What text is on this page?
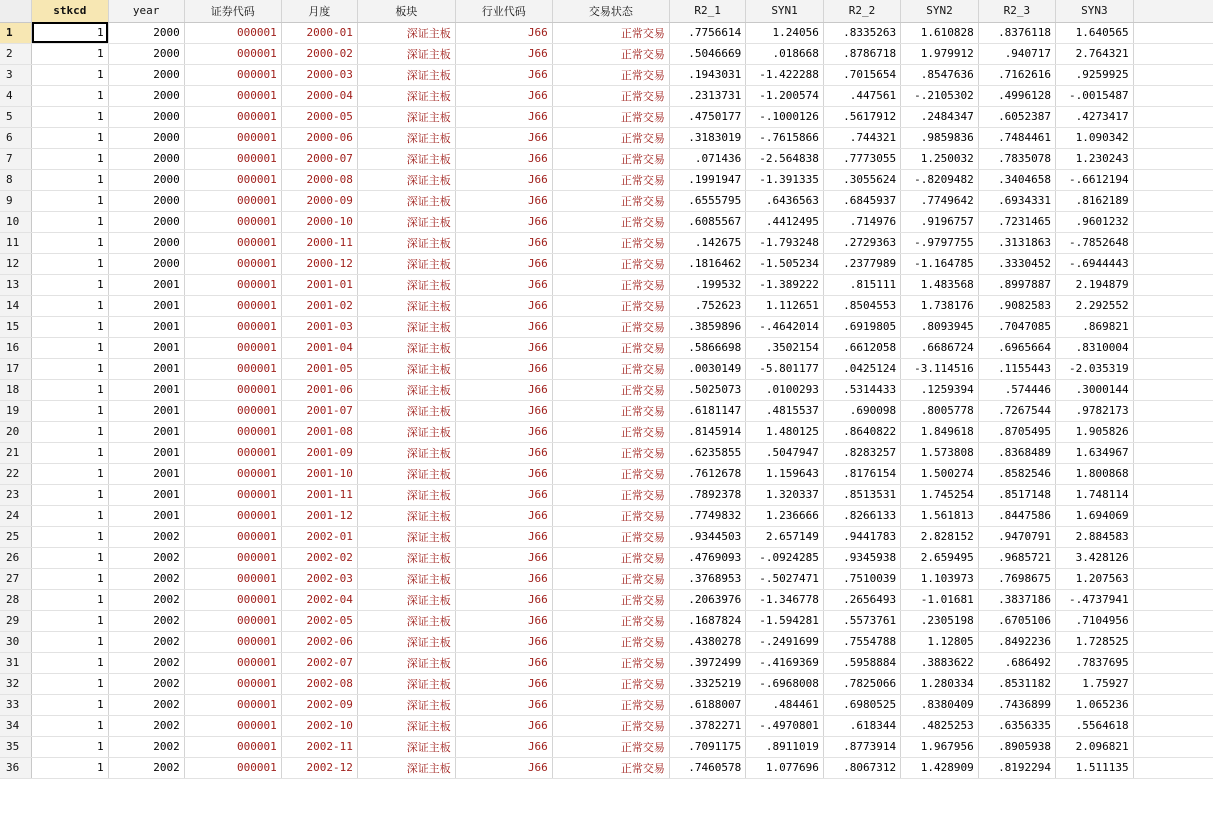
	stkcd	year	证券代码	月度	板块	行业代码	交易状态	R2_1	SYN1	R2_2	SYN2	R2_3	SYN3	
1	1	2000	000001	2000-01	深证主板	J66	正常交易	.7756614	1.24056	.8335263	1.610828	.8376118	1.640565	
2	1	2000	000001	2000-02	深证主板	J66	正常交易	.5046669	.018668	.8786718	1.979912	.940717	2.764321	
3	1	2000	000001	2000-03	深证主板	J66	正常交易	.1943031	-1.422288	.7015654	.8547636	.7162616	.9259925	
4	1	2000	000001	2000-04	深证主板	J66	正常交易	.2313731	-1.200574	.447561	-.2105302	.4996128	-.0015487	
5	1	2000	000001	2000-05	深证主板	J66	正常交易	.4750177	-.1000126	.5617912	.2484347	.6052387	.4273417	
6	1	2000	000001	2000-06	深证主板	J66	正常交易	.3183019	-.7615866	.744321	.9859836	.7484461	1.090342	
7	1	2000	000001	2000-07	深证主板	J66	正常交易	.071436	-2.564838	.7773055	1.250032	.7835078	1.230243	
8	1	2000	000001	2000-08	深证主板	J66	正常交易	.1991947	-1.391335	.3055624	-.8209482	.3404658	-.6612194	
9	1	2000	000001	2000-09	深证主板	J66	正常交易	.6555795	.6436563	.6845937	.7749642	.6934331	.8162189	
10	1	2000	000001	2000-10	深证主板	J66	正常交易	.6085567	.4412495	.714976	.9196757	.7231465	.9601232	
11	1	2000	000001	2000-11	深证主板	J66	正常交易	.142675	-1.793248	.2729363	-.9797755	.3131863	-.7852648	
12	1	2000	000001	2000-12	深证主板	J66	正常交易	.1816462	-1.505234	.2377989	-1.164785	.3330452	-.6944443	
13	1	2001	000001	2001-01	深证主板	J66	正常交易	.199532	-1.389222	.815111	1.483568	.8997887	2.194879	
14	1	2001	000001	2001-02	深证主板	J66	正常交易	.752623	1.112651	.8504553	1.738176	.9082583	2.292552	
15	1	2001	000001	2001-03	深证主板	J66	正常交易	.3859896	-.4642014	.6919805	.8093945	.7047085	.869821	
16	1	2001	000001	2001-04	深证主板	J66	正常交易	.5866698	.3502154	.6612058	.6686724	.6965664	.8310004	
17	1	2001	000001	2001-05	深证主板	J66	正常交易	.0030149	-5.801177	.0425124	-3.114516	.1155443	-2.035319	
18	1	2001	000001	2001-06	深证主板	J66	正常交易	.5025073	.0100293	.5314433	.1259394	.574446	.3000144	
19	1	2001	000001	2001-07	深证主板	J66	正常交易	.6181147	.4815537	.690098	.8005778	.7267544	.9782173	
20	1	2001	000001	2001-08	深证主板	J66	正常交易	.8145914	1.480125	.8640822	1.849618	.8705495	1.905826	
21	1	2001	000001	2001-09	深证主板	J66	正常交易	.6235855	.5047947	.8283257	1.573808	.8368489	1.634967	
22	1	2001	000001	2001-10	深证主板	J66	正常交易	.7612678	1.159643	.8176154	1.500274	.8582546	1.800868	
23	1	2001	000001	2001-11	深证主板	J66	正常交易	.7892378	1.320337	.8513531	1.745254	.8517148	1.748114	
24	1	2001	000001	2001-12	深证主板	J66	正常交易	.7749832	1.236666	.8266133	1.561813	.8447586	1.694069	
25	1	2002	000001	2002-01	深证主板	J66	正常交易	.9344503	2.657149	.9441783	2.828152	.9470791	2.884583	
26	1	2002	000001	2002-02	深证主板	J66	正常交易	.4769093	-.0924285	.9345938	2.659495	.9685721	3.428126	
27	1	2002	000001	2002-03	深证主板	J66	正常交易	.3768953	-.5027471	.7510039	1.103973	.7698675	1.207563	
28	1	2002	000001	2002-04	深证主板	J66	正常交易	.2063976	-1.346778	.2656493	-1.01681	.3837186	-.4737941	
29	1	2002	000001	2002-05	深证主板	J66	正常交易	.1687824	-1.594281	.5573761	.2305198	.6705106	.7104956	
30	1	2002	000001	2002-06	深证主板	J66	正常交易	.4380278	-.2491699	.7554788	1.12805	.8492236	1.728525	
31	1	2002	000001	2002-07	深证主板	J66	正常交易	.3972499	-.4169369	.5958884	.3883622	.686492	.7837695	
32	1	2002	000001	2002-08	深证主板	J66	正常交易	.3325219	-.6968008	.7825066	1.280334	.8531182	1.75927	
33	1	2002	000001	2002-09	深证主板	J66	正常交易	.6188007	.484461	.6980525	.8380409	.7436899	1.065236	
34	1	2002	000001	2002-10	深证主板	J66	正常交易	.3782271	-.4970801	.618344	.4825253	.6356335	.5564618	
35	1	2002	000001	2002-11	深证主板	J66	正常交易	.7091175	.8911019	.8773914	1.967956	.8905938	2.096821	
36	1	2002	000001	2002-12	深证主板	J66	正常交易	.7460578	1.077696	.8067312	1.428909	.8192294	1.511135	
